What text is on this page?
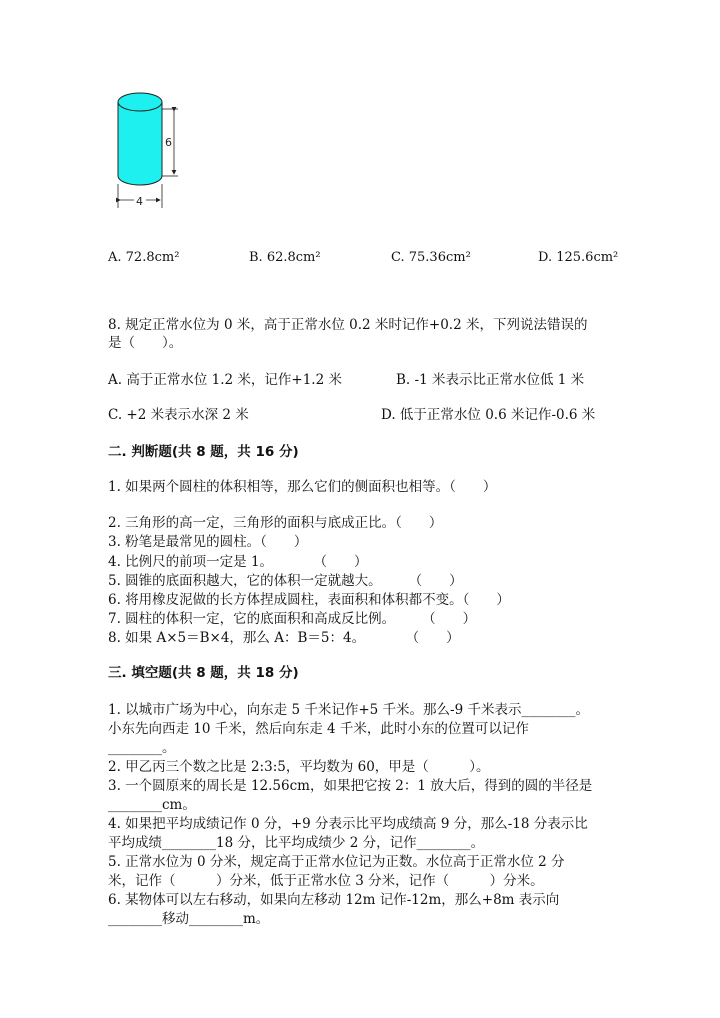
6
4
A. 72.8cm²	B. 62.8cm²	C. 75.36cm²	D. 125.6cm²
8. 规定正常水位为 0 米，高于正常水位 0.2 米时记作+0.2 米，下列说法错误的
是（　　）。
A. 高于正常水位 1.2 米，记作+1.2 米	B. -1 米表示比正常水位低 1 米
C. +2 米表示水深 2 米	D. 低于正常水位 0.6 米记作-0.6 米
二. 判断题(共 8 题，共 16 分)
1. 如果两个圆柱的体积相等，那么它们的侧面积也相等。（　　）
2. 三角形的高一定，三角形的面积与底成正比。（　　）
3. 粉笔是最常见的圆柱。（　　）
4. 比例尺的前项一定是 1。　　　　（　　）
5. 圆锥的底面积越大，它的体积一定就越大。　　　（　　）
6. 将用橡皮泥做的长方体捏成圆柱，表面积和体积都不变。（　　）
7. 圆柱的体积一定，它的底面积和高成反比例。　　　（　　）
8. 如果 A×5＝B×4，那么 A：B＝5：4。　　　　（　　）
三. 填空题(共 8 题，共 18 分)
1. 以城市广场为中心，向东走 5 千米记作+5 千米。那么-9 千米表示________。
小东先向西走 10 千米，然后向东走 4 千米，此时小东的位置可以记作
________。
2. 甲乙丙三个数之比是 2:3:5，平均数为 60，甲是（　　　）。
3. 一个圆原来的周长是 12.56cm，如果把它按 2：1 放大后，得到的圆的半径是
________cm。
4. 如果把平均成绩记作 0 分，+9 分表示比平均成绩高 9 分，那么-18 分表示比
平均成绩________18 分，比平均成绩少 2 分，记作________。
5. 正常水位为 0 分米，规定高于正常水位记为正数。水位高于正常水位 2 分
米，记作（　　　）分米，低于正常水位 3 分米，记作（　　　）分米。
6. 某物体可以左右移动，如果向左移动 12m 记作-12m，那么+8m 表示向
________移动________m。
